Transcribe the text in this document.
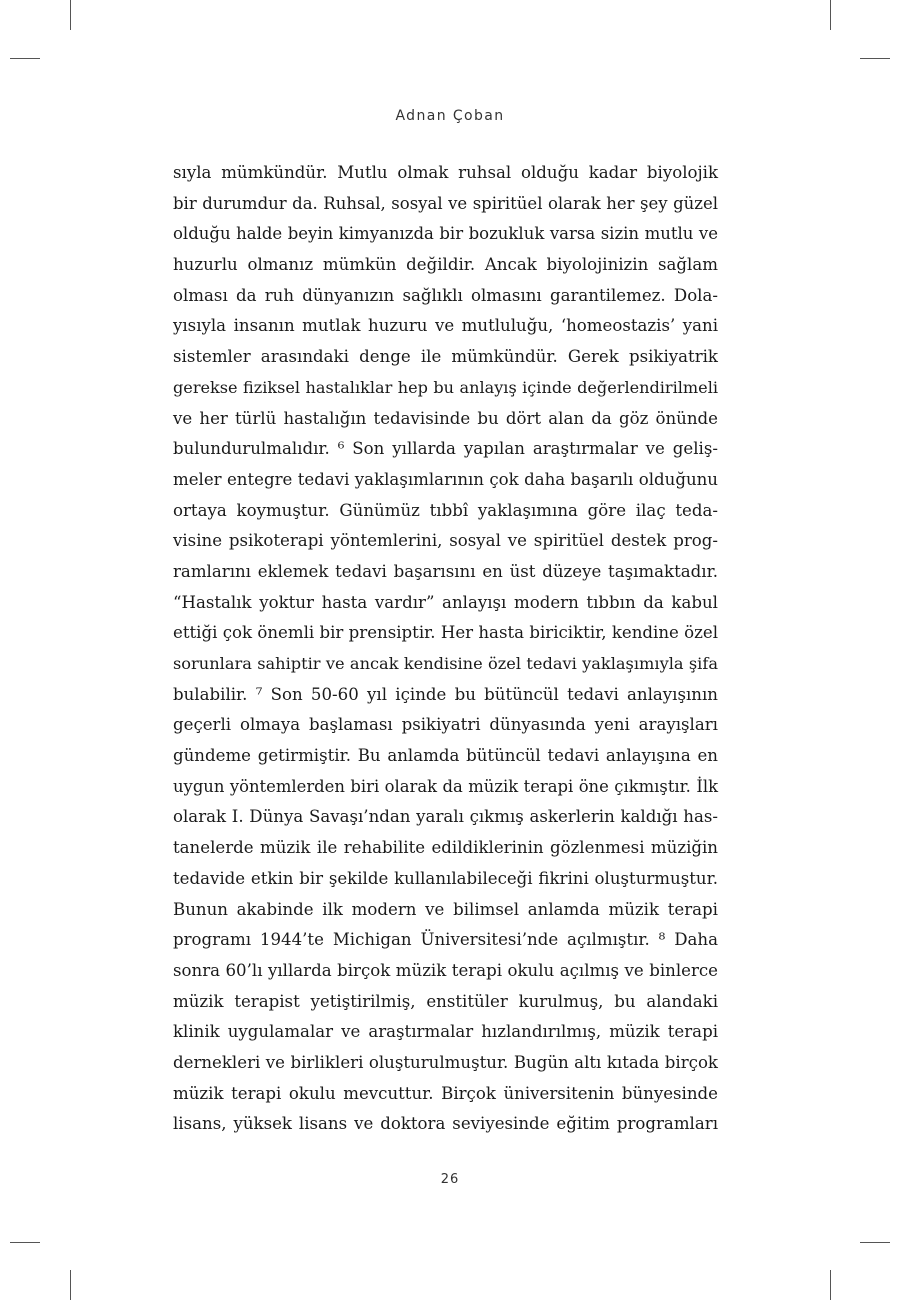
Adnan Çoban
sıyla mümkündür. Mutlu olmak ruhsal olduğu kadar biyolojik
bir durumdur da. Ruhsal, sosyal ve spiritüel olarak her şey güzel
olduğu halde beyin kimyanızda bir bozukluk varsa sizin mutlu ve
huzurlu olmanız mümkün değildir. Ancak biyolojinizin sağlam
olması da ruh dünyanızın sağlıklı olmasını garantilemez. Dola-
yısıyla insanın mutlak huzuru ve mutluluğu, ‘homeostazis’ yani
sistemler arasındaki denge ile mümkündür. Gerek psikiyatrik
gerekse fiziksel hastalıklar hep bu anlayış içinde değerlendirilmeli
ve her türlü hastalığın tedavisinde bu dört alan da göz önünde
bulundurulmalıdır. ⁶ Son yıllarda yapılan araştırmalar ve geliş-
meler entegre tedavi yaklaşımlarının çok daha başarılı olduğunu
ortaya koymuştur. Günümüz tıbbî yaklaşımına göre ilaç teda-
visine psikoterapi yöntemlerini, sosyal ve spiritüel destek prog-
ramlarını eklemek tedavi başarısını en üst düzeye taşımaktadır.
“Hastalık yoktur hasta vardır” anlayışı modern tıbbın da kabul
ettiği çok önemli bir prensiptir. Her hasta biriciktir, kendine özel
sorunlara sahiptir ve ancak kendisine özel tedavi yaklaşımıyla şifa
bulabilir. ⁷ Son 50-60 yıl içinde bu bütüncül tedavi anlayışının
geçerli olmaya başlaması psikiyatri dünyasında yeni arayışları
gündeme getirmiştir. Bu anlamda bütüncül tedavi anlayışına en
uygun yöntemlerden biri olarak da müzik terapi öne çıkmıştır. İlk
olarak I. Dünya Savaşı’ndan yaralı çıkmış askerlerin kaldığı has-
tanelerde müzik ile rehabilite edildiklerinin gözlenmesi müziğin
tedavide etkin bir şekilde kullanılabileceği fikrini oluşturmuştur.
Bunun akabinde ilk modern ve bilimsel anlamda müzik terapi
programı 1944’te Michigan Üniversitesi’nde açılmıştır. ⁸ Daha
sonra 60’lı yıllarda birçok müzik terapi okulu açılmış ve binlerce
müzik terapist yetiştirilmiş, enstitüler kurulmuş, bu alandaki
klinik uygulamalar ve araştırmalar hızlandırılmış, müzik terapi
dernekleri ve birlikleri oluşturulmuştur. Bugün altı kıtada birçok
müzik terapi okulu mevcuttur. Birçok üniversitenin bünyesinde
lisans, yüksek lisans ve doktora seviyesinde eğitim programları
26
